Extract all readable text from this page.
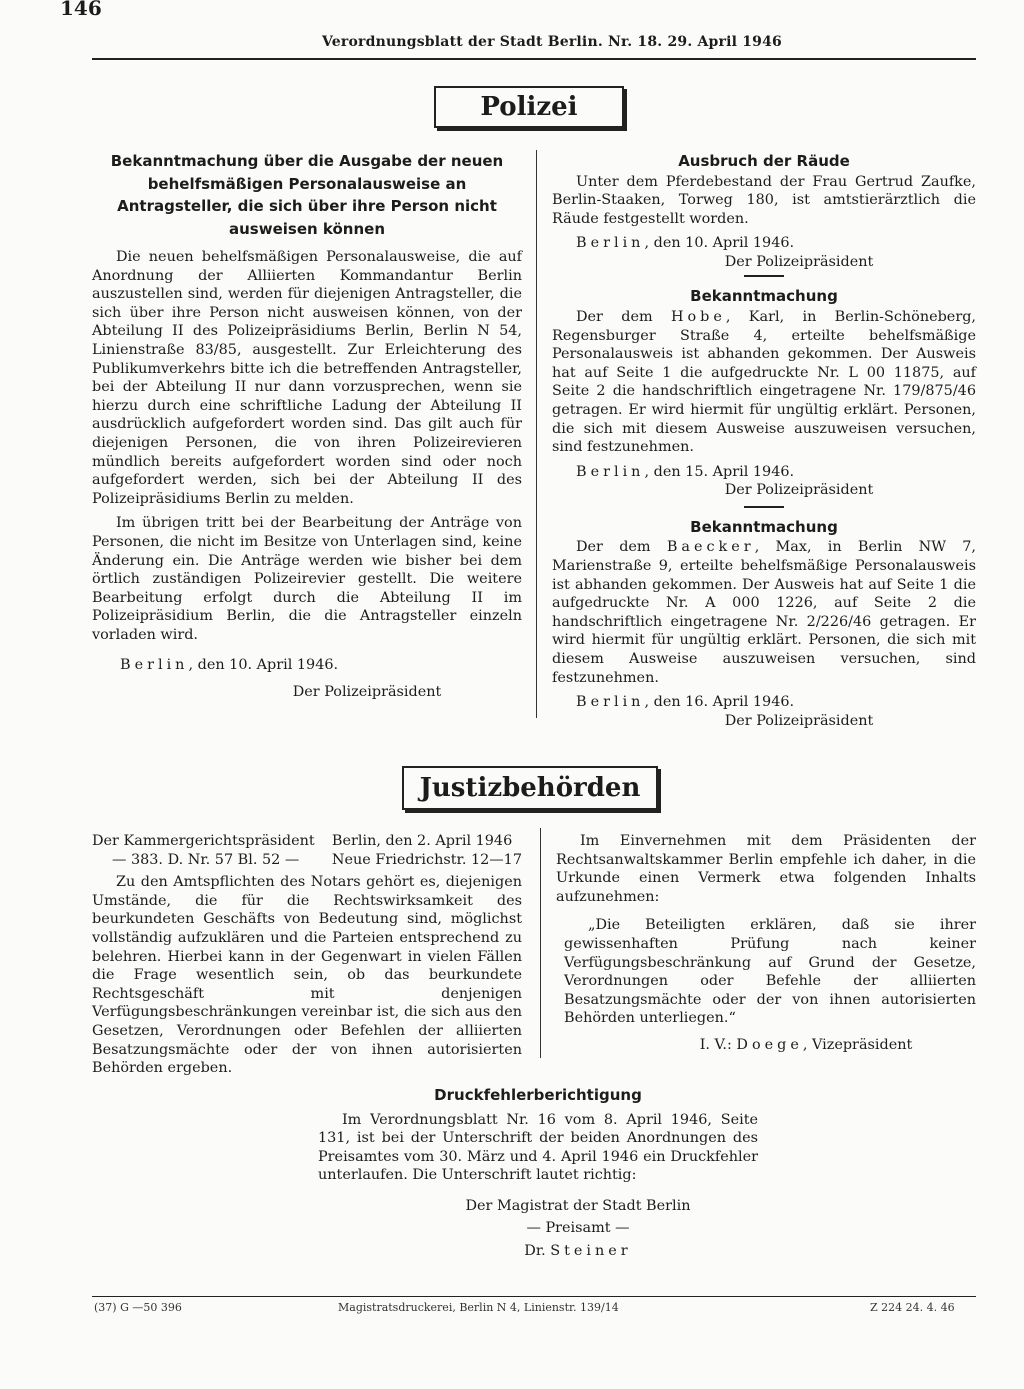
146
Verordnungsblatt der Stadt Berlin. Nr. 18. 29. April 1946
Polizei
Bekanntmachung über die Ausgabe der neuen behelfsmäßigen Personalausweise an Antragsteller, die sich über ihre Person nicht ausweisen können

Die neuen behelfsmäßigen Personalausweise, die auf Anordnung der Alliierten Kommandantur Berlin auszustellen sind, werden für diejenigen Antragsteller, die sich über ihre Person nicht ausweisen können, von der Abteilung II des Polizeipräsidiums Berlin, Berlin N 54, Linienstraße 83/85, ausgestellt. Zur Erleichterung des Publikumverkehrs bitte ich die betreffenden Antragsteller, bei der Abteilung II nur dann vorzusprechen, wenn sie hierzu durch eine schriftliche Ladung der Abteilung II ausdrücklich aufgefordert worden sind. Das gilt auch für diejenigen Personen, die von ihren Polizeirevieren mündlich bereits aufgefordert worden sind oder noch aufgefordert werden, sich bei der Abteilung II des Polizeipräsidiums Berlin zu melden.

Im übrigen tritt bei der Bearbeitung der Anträge von Personen, die nicht im Besitze von Unterlagen sind, keine Änderung ein. Die Anträge werden wie bisher bei dem örtlich zuständigen Polizeirevier gestellt. Die weitere Bearbeitung erfolgt durch die Abteilung II im Polizeipräsidium Berlin, die die Antragsteller einzeln vorladen wird.

Berlin, den 10. April 1946.
Der Polizeipräsident
Ausbruch der Räude

Unter dem Pferdebestand der Frau Gertrud Zaufke, Berlin-Staaken, Torweg 180, ist amtstierärztlich die Räude festgestellt worden.

Berlin, den 10. April 1946.
Der Polizeipräsident
Bekanntmachung

Der dem Hobe, Karl, in Berlin-Schöneberg, Regensburger Straße 4, erteilte behelfsmäßige Personalausweis ist abhanden gekommen. Der Ausweis hat auf Seite 1 die aufgedruckte Nr. L 00 11875, auf Seite 2 die handschriftlich eingetragene Nr. 179/875/46 getragen. Er wird hiermit für ungültig erklärt. Personen, die sich mit diesem Ausweise auszuweisen versuchen, sind festzunehmen.

Berlin, den 15. April 1946.
Der Polizeipräsident
Bekanntmachung

Der dem Baecker, Max, in Berlin NW 7, Marienstraße 9, erteilte behelfsmäßige Personalausweis ist abhanden gekommen. Der Ausweis hat auf Seite 1 die aufgedruckte Nr. A 000 1226, auf Seite 2 die handschriftlich eingetragene Nr. 2/226/46 getragen. Er wird hiermit für ungültig erklärt. Personen, die sich mit diesem Ausweise auszuweisen versuchen, sind festzunehmen.

Berlin, den 16. April 1946.
Der Polizeipräsident
Justizbehörden
Der Kammergerichtspräsident
— 383. D. Nr. 57 Bl. 52 —
Berlin, den 2. April 1946
Neue Friedrichstr. 12—17

Zu den Amtspflichten des Notars gehört es, diejenigen Umstände, die für die Rechtswirksamkeit des beurkundeten Geschäfts von Bedeutung sind, möglichst vollständig aufzuklären und die Parteien entsprechend zu belehren. Hierbei kann in der Gegenwart in vielen Fällen die Frage wesentlich sein, ob das beurkundete Rechtsgeschäft mit denjenigen Verfügungsbeschränkungen vereinbar ist, die sich aus den Gesetzen, Verordnungen oder Befehlen der alliierten Besatzungsmächte oder der von ihnen autorisierten Behörden ergeben.

Im Einvernehmen mit dem Präsidenten der Rechtsanwaltskammer Berlin empfehle ich daher, in die Urkunde einen Vermerk etwa folgenden Inhalts aufzunehmen:

„Die Beteiligten erklären, daß sie ihrer gewissenhaften Prüfung nach keiner Verfügungsbeschränkung auf Grund der Gesetze, Verordnungen oder Befehle der alliierten Besatzungsmächte oder der von ihnen autorisierten Behörden unterliegen.“

I. V.: Doege, Vizepräsident
Druckfehlerberichtigung

Im Verordnungsblatt Nr. 16 vom 8. April 1946, Seite 131, ist bei der Unterschrift der beiden Anordnungen des Preisamtes vom 30. März und 4. April 1946 ein Druckfehler unterlaufen. Die Unterschrift lautet richtig:

Der Magistrat der Stadt Berlin
— Preisamt —
Dr. Steiner
(37) G —50 396	Magistratsdruckerei, Berlin N 4, Linienstr. 139/14	Z 224 24. 4. 46
